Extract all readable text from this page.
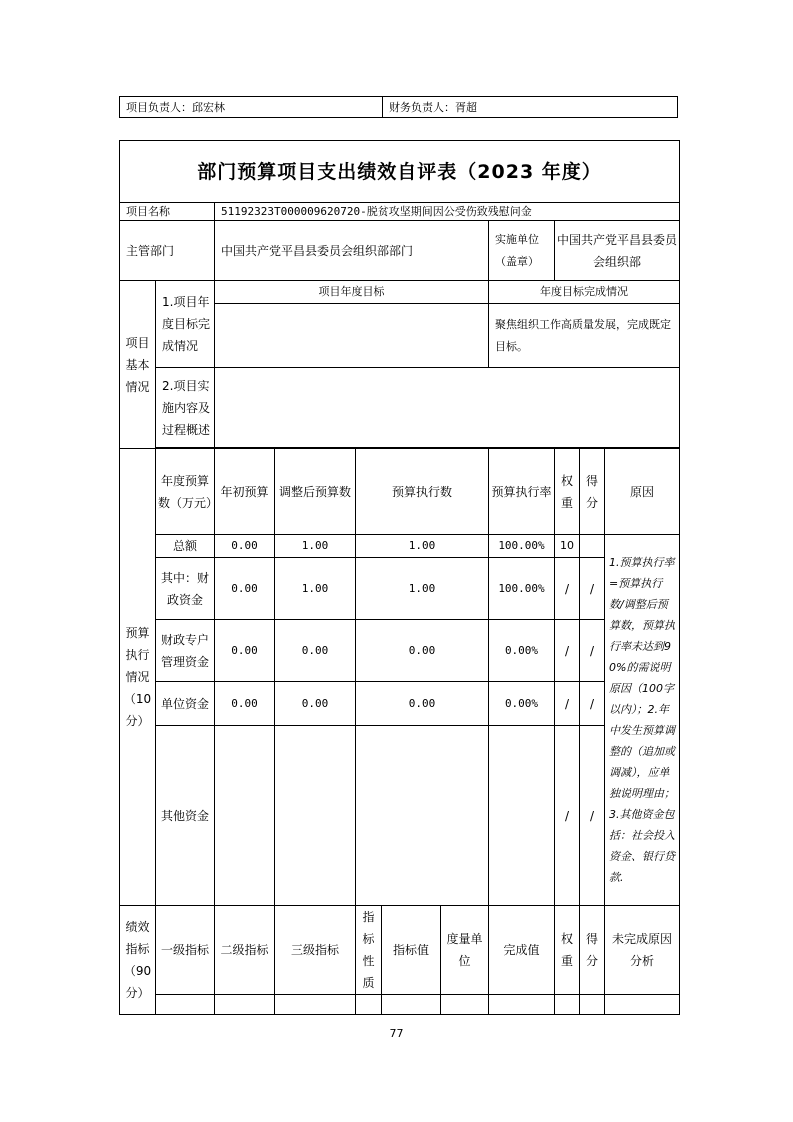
项目负责人：邱宏林	财务负责人：胥超
部门预算项目支出绩效自评表（2023 年度）										
项目名称		51192323T000009620720-脱贫攻坚期间因公受伤致残慰问金								
主管部门		中国共产党平昌县委员会组织部部门					实施单位（盖章）	中国共产党平昌县委员会组织部		
项目基本情况	1.项目年度目标完成情况	项目年度目标					年度目标完成情况			
							聚焦组织工作高质量发展，完成既定目标。			
	2.项目实施内容及过程概述									

预算执行情况（10分）	年度预算数（万元）	年初预算	调整后预算数	预算执行数			预算执行率	权重	得分	原因
	总额	0.00	1.00	1.00			100.00%	10		1.预算执行率=预算执行数/调整后预算数，预算执行率未达到90%的需说明原因（100字以内）；2.年中发生预算调整的（追加或调减），应单独说明理由；3.其他资金包括：社会投入资金、银行贷款.
	其中：财政资金	0.00	1.00	1.00			100.00%	/	/	
	财政专户管理资金	0.00	0.00	0.00			0.00%	/	/	
	单位资金	0.00	0.00	0.00			0.00%	/	/	
	其他资金							/	/	
绩效指标（90分）	一级指标	二级指标	三级指标	指标性质	指标值	度量单位	完成值	权重	得分	未完成原因分析

77
